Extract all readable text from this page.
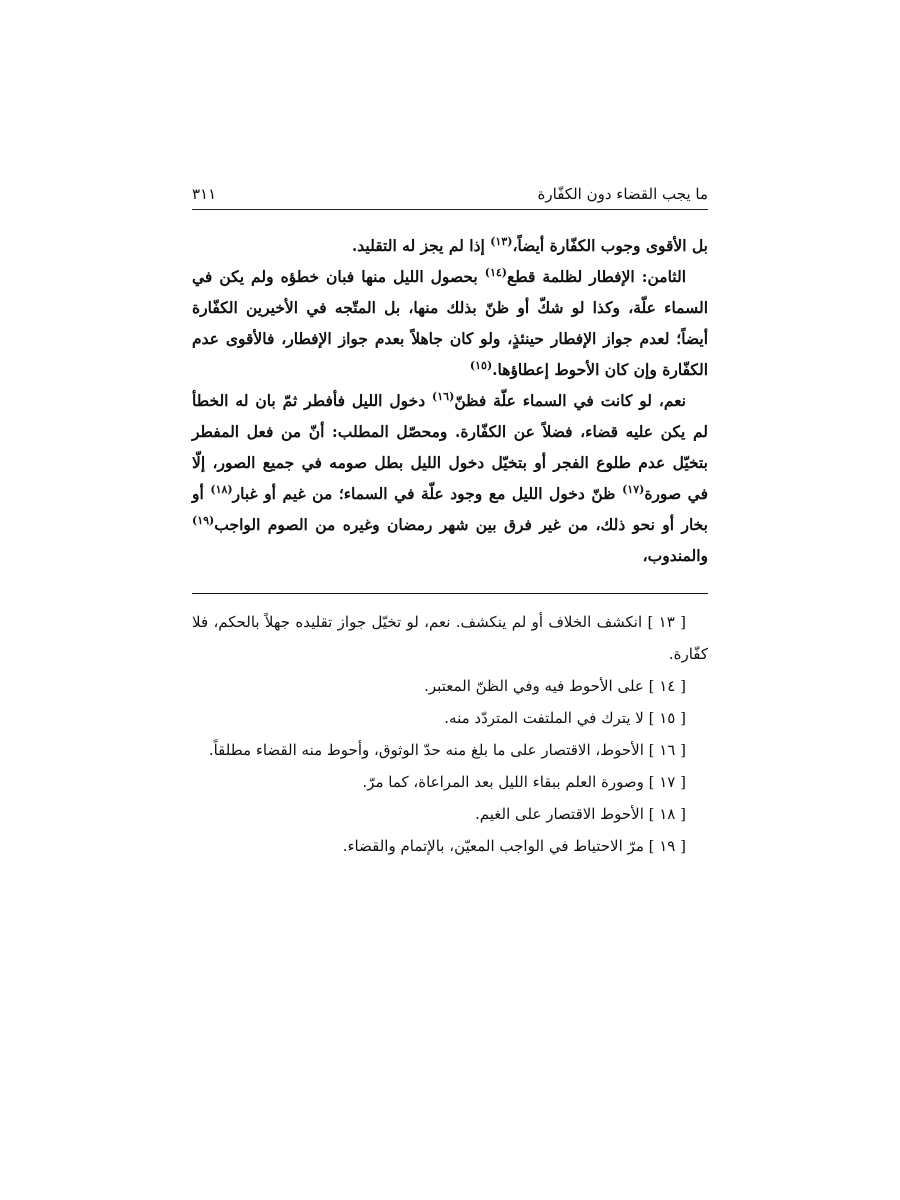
ما يجب القضاء دون الكفّارة
٣١١

بل الأقوى وجوب الكفّارة أيضاً،$^{(١٣)}$ إذا لم يجز له التقليد.

الثامن: الإفطار لظلمة قطع$^{(١٤)}$ بحصول الليل منها فبان خطؤه ولم يكن في السماء علّة، وكذا لو شكّ أو ظنّ بذلك منها، بل المتّجه في الأخيرين الكفّارة أيضاً؛ لعدم جواز الإفطار حينئذٍ، ولو كان جاهلاً بعدم جواز الإفطار، فالأقوى عدم الكفّارة وإن كان الأحوط إعطاؤها.$^{(١٥)}$

نعم، لو كانت في السماء علّة فظنّ$^{(١٦)}$ دخول الليل فأفطر ثمّ بان له الخطأ لم يكن عليه قضاء، فضلاً عن الكفّارة. ومحصّل المطلب: أنّ من فعل المفطر بتخيّل عدم طلوع الفجر أو بتخيّل دخول الليل بطل صومه في جميع الصور، إلّا في صورة$^{(١٧)}$ ظنّ دخول الليل مع وجود علّة في السماء؛ من غيم أو غبار$^{(١٨)}$ أو بخار أو نحو ذلك، من غير فرق بين شهر رمضان وغيره من الصوم الواجب$^{(١٩)}$ والمندوب،

[ ١٣ ] انكشف الخلاف أو لم ينكشف. نعم، لو تخيّل جواز تقليده جهلاً بالحكم، فلا كفّارة.

[ ١٤ ] على الأحوط فيه وفي الظنّ المعتبر.

[ ١٥ ] لا يترك في الملتفت المتردّد منه.

[ ١٦ ] الأحوط، الاقتصار على ما بلغ منه حدّ الوثوق، وأحوط منه القضاء مطلقاً.

[ ١٧ ] وصورة العلم ببقاء الليل بعد المراعاة، كما مرّ.

[ ١٨ ] الأحوط الاقتصار على الغيم.

[ ١٩ ] مرّ الاحتياط في الواجب المعيّن، بالإتمام والقضاء.
